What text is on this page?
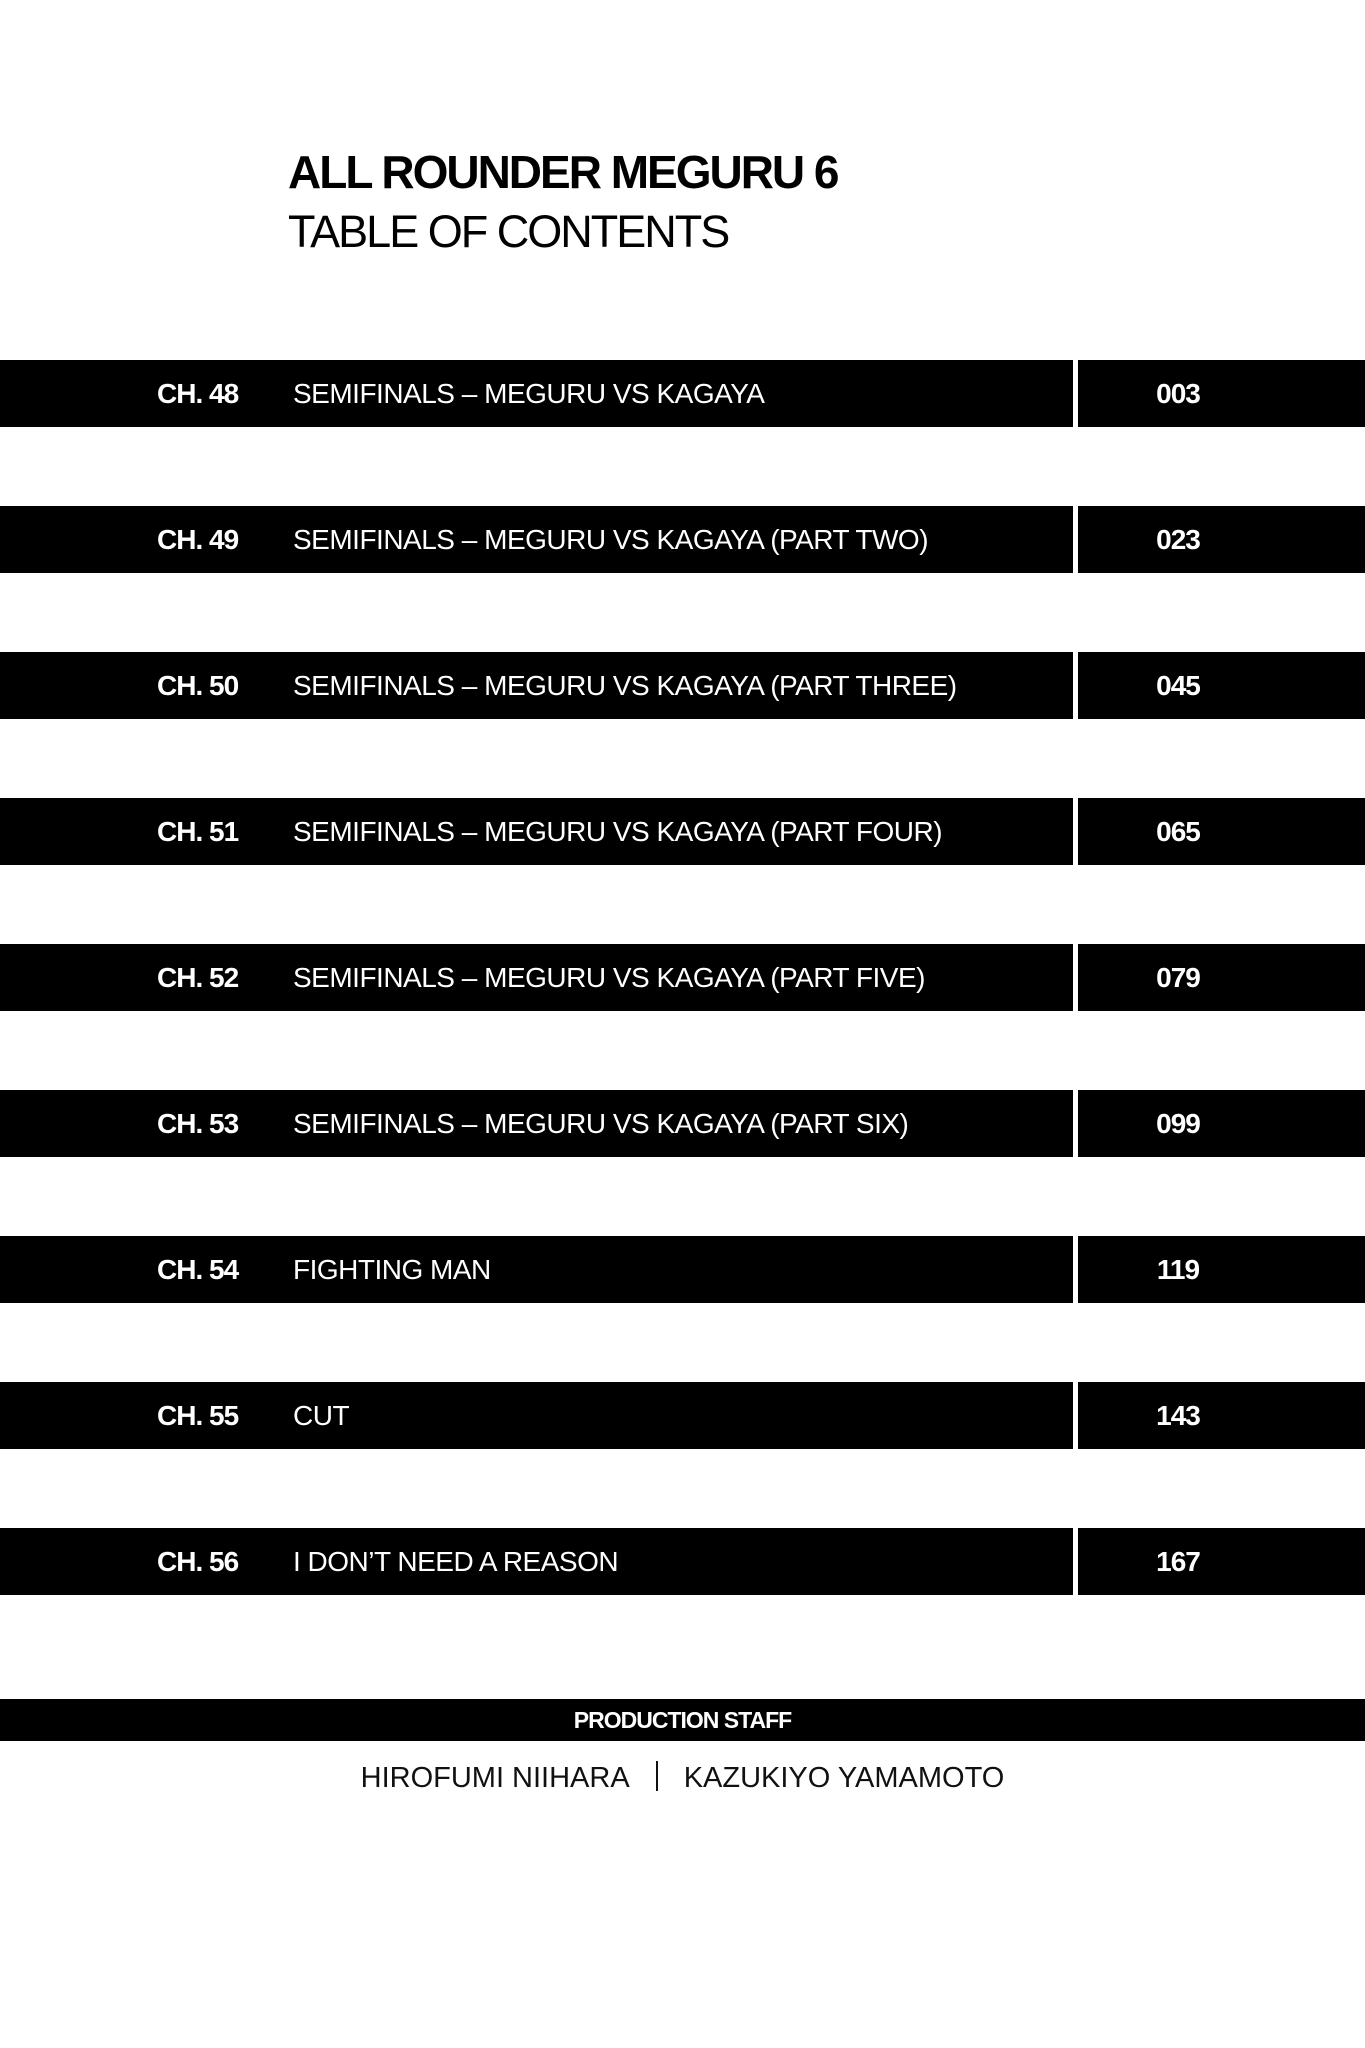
ALL ROUNDER MEGURU 6
TABLE OF CONTENTS
CH. 48 SEMIFINALS – MEGURU VS KAGAYA	003
CH. 49 SEMIFINALS – MEGURU VS KAGAYA (PART TWO)	023
CH. 50 SEMIFINALS – MEGURU VS KAGAYA (PART THREE)	045
CH. 51 SEMIFINALS – MEGURU VS KAGAYA (PART FOUR)	065
CH. 52 SEMIFINALS – MEGURU VS KAGAYA (PART FIVE)	079
CH. 53 SEMIFINALS – MEGURU VS KAGAYA (PART SIX)	099
CH. 54 FIGHTING MAN	119
CH. 55 CUT	143
CH. 56 I DON’T NEED A REASON	167
PRODUCTION STAFF
HIROFUMI NIIHARA KAZUKIYO YAMAMOTO
